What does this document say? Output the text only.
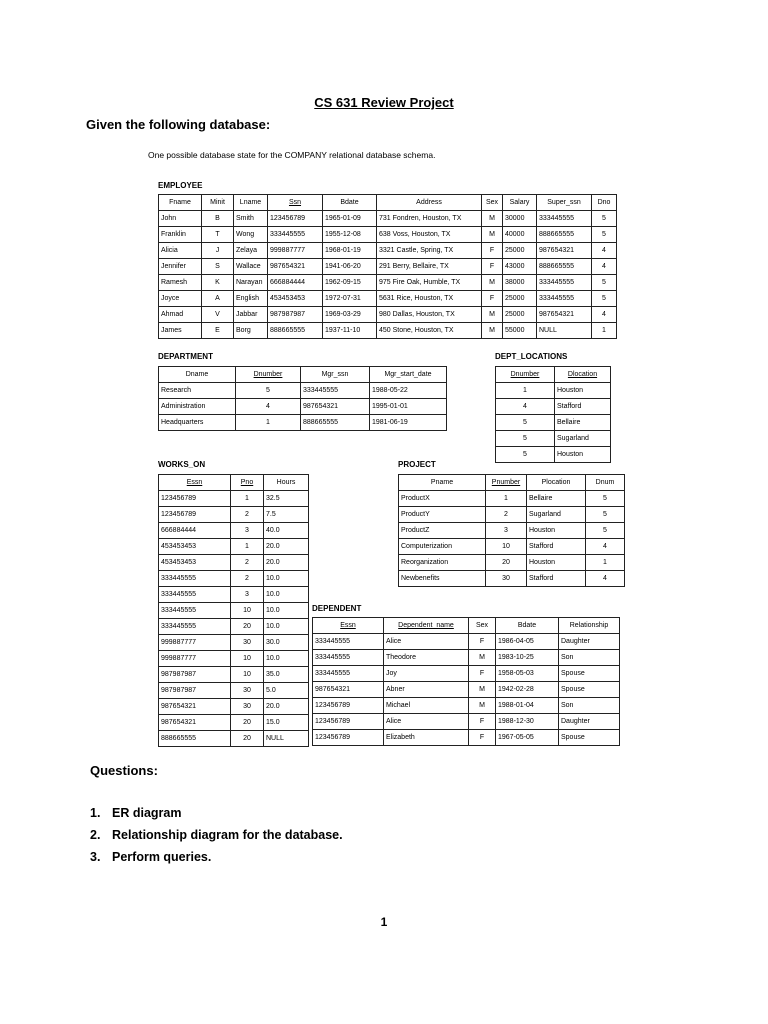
CS 631 Review Project
Given the following database:
One possible database state for the COMPANY relational database schema.
EMPLOYEE
Fname	Minit	Lname	Ssn	Bdate	Address	Sex	Salary	Super_ssn	Dno
John	B	Smith	123456789	1965-01-09	731 Fondren, Houston, TX	M	30000	333445555	5
Franklin	T	Wong	333445555	1955-12-08	638 Voss, Houston, TX	M	40000	888665555	5
Alicia	J	Zelaya	999887777	1968-01-19	3321 Castle, Spring, TX	F	25000	987654321	4
Jennifer	S	Wallace	987654321	1941-06-20	291 Berry, Bellaire, TX	F	43000	888665555	4
Ramesh	K	Narayan	666884444	1962-09-15	975 Fire Oak, Humble, TX	M	38000	333445555	5
Joyce	A	English	453453453	1972-07-31	5631 Rice, Houston, TX	F	25000	333445555	5
Ahmad	V	Jabbar	987987987	1969-03-29	980 Dallas, Houston, TX	M	25000	987654321	4
James	E	Borg	888665555	1937-11-10	450 Stone, Houston, TX	M	55000	NULL	1
DEPARTMENT
Dname	Dnumber	Mgr_ssn	Mgr_start_date
Research	5	333445555	1988-05-22
Administration	4	987654321	1995-01-01
Headquarters	1	888665555	1981-06-19
DEPT_LOCATIONS
Dnumber	Dlocation
1	Houston
4	Stafford
5	Bellaire
5	Sugarland
5	Houston
WORKS_ON
Essn	Pno	Hours
123456789	1	32.5
123456789	2	7.5
666884444	3	40.0
453453453	1	20.0
453453453	2	20.0
333445555	2	10.0
333445555	3	10.0
333445555	10	10.0
333445555	20	10.0
999887777	30	30.0
999887777	10	10.0
987987987	10	35.0
987987987	30	5.0
987654321	30	20.0
987654321	20	15.0
888665555	20	NULL
PROJECT
Pname	Pnumber	Plocation	Dnum
ProductX	1	Bellaire	5
ProductY	2	Sugarland	5
ProductZ	3	Houston	5
Computerization	10	Stafford	4
Reorganization	20	Houston	1
Newbenefits	30	Stafford	4
DEPENDENT
Essn	Dependent_name	Sex	Bdate	Relationship
333445555	Alice	F	1986-04-05	Daughter
333445555	Theodore	M	1983-10-25	Son
333445555	Joy	F	1958-05-03	Spouse
987654321	Abner	M	1942-02-28	Spouse
123456789	Michael	M	1988-01-04	Son
123456789	Alice	F	1988-12-30	Daughter
123456789	Elizabeth	F	1967-05-05	Spouse
Questions:
1. ER diagram
2. Relationship diagram for the database.
3. Perform queries.
1
